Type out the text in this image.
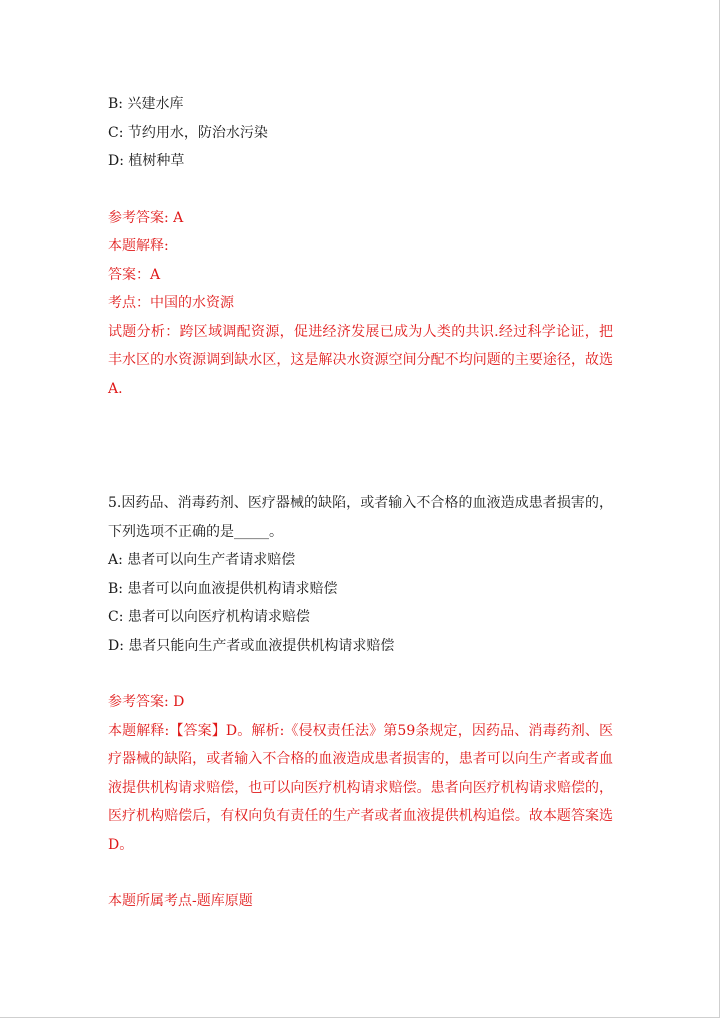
B: 兴建水库

C: 节约用水，防治水污染

D: 植树种草

参考答案: A

本题解释:

答案：A

考点：中国的水资源

试题分析：跨区域调配资源，促进经济发展已成为人类的共识.经过科学论证，把丰水区的水资源调到缺水区，这是解决水资源空间分配不均问题的主要途径，故选A.

5.因药品、消毒药剂、医疗器械的缺陷，或者输入不合格的血液造成患者损害的，下列选项不正确的是_____。

A: 患者可以向生产者请求赔偿

B: 患者可以向血液提供机构请求赔偿

C: 患者可以向医疗机构请求赔偿

D: 患者只能向生产者或血液提供机构请求赔偿

参考答案: D

本题解释:【答案】D。解析:《侵权责任法》第59条规定，因药品、消毒药剂、医疗器械的缺陷，或者输入不合格的血液造成患者损害的，患者可以向生产者或者血液提供机构请求赔偿，也可以向医疗机构请求赔偿。患者向医疗机构请求赔偿的，医疗机构赔偿后，有权向负有责任的生产者或者血液提供机构追偿。故本题答案选D。

本题所属考点-题库原题
